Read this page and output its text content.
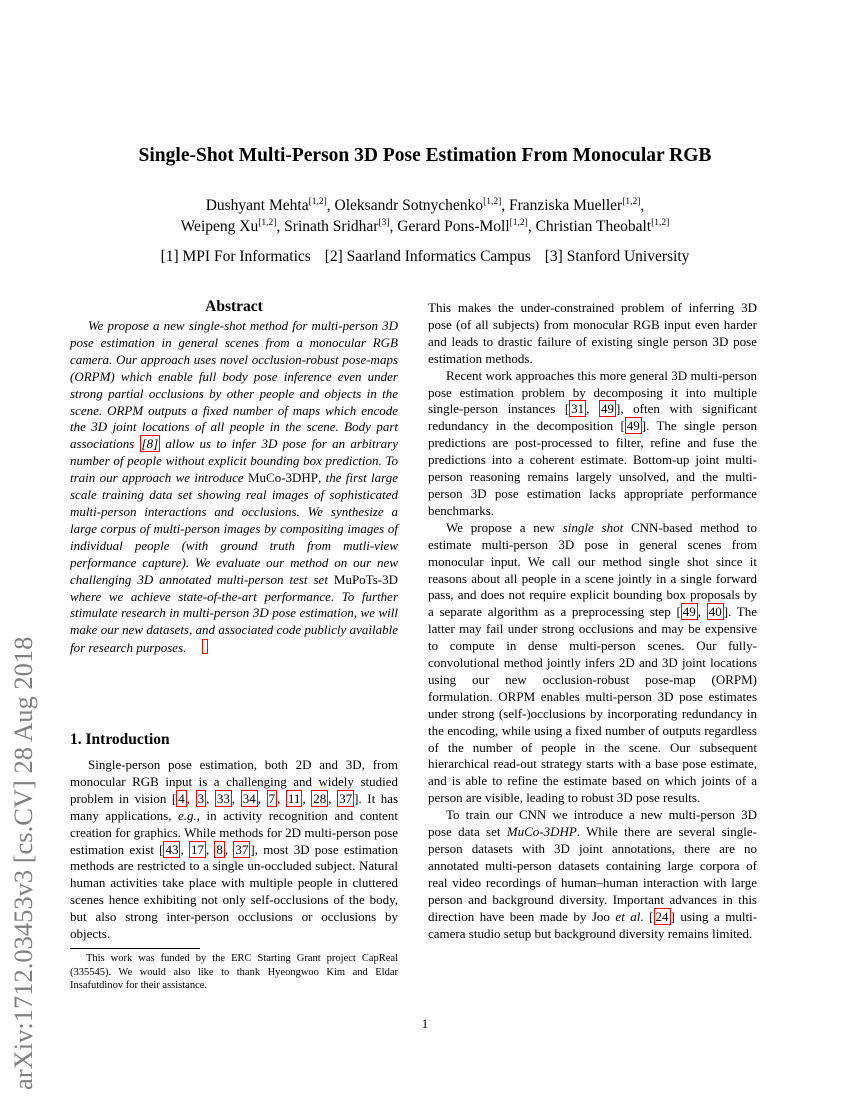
arXiv:1712.03453v3 [cs.CV] 28 Aug 2018
Single-Shot Multi-Person 3D Pose Estimation From Monocular RGB
Dushyant Mehta[1,2], Oleksandr Sotnychenko[1,2], Franziska Mueller[1,2],
Weipeng Xu[1,2], Srinath Sridhar[3], Gerard Pons-Moll[1,2], Christian Theobalt[1,2]
[1] MPI For Informatics [2] Saarland Informatics Campus [3] Stanford University
Abstract
We propose a new single-shot method for multi-person 3D pose estimation in general scenes from a monocular RGB camera. Our approach uses novel occlusion-robust pose-maps (ORPM) which enable full body pose inference even under strong partial occlusions by other people and objects in the scene. ORPM outputs a fixed number of maps which encode the 3D joint locations of all people in the scene. Body part associations [8] allow us to infer 3D pose for an arbitrary number of people without explicit bounding box prediction. To train our approach we introduce MuCo-3DHP, the first large scale training data set showing real images of sophisticated multi-person interactions and occlusions. We synthesize a large corpus of multi-person images by compositing images of individual people (with ground truth from mutli-view performance capture). We evaluate our method on our new challenging 3D annotated multi-person test set MuPoTs-3D where we achieve state-of-the-art performance. To further stimulate research in multi-person 3D pose estimation, we will make our new datasets, and associated code publicly available for research purposes.
1. Introduction

Single-person pose estimation, both 2D and 3D, from monocular RGB input is a challenging and widely studied problem in vision [ 4 , 3 , 33 , 34 , 7 , 11 , 28 , 37 ]. It has many applications, e.g., in activity recognition and content creation for graphics. While methods for 2D multi-person pose estimation exist [ 43 , 17 , 8 , 37 ], most 3D pose estimation methods are restricted to a single un-occluded subject. Natural human activities take place with multiple people in cluttered scenes hence exhibiting not only self-occlusions of the body, but also strong inter-person occlusions or occlusions by objects.

This work was funded by the ERC Starting Grant project CapReal (335545). We would also like to thank Hyeongwoo Kim and Eldar Insafutdinov for their assistance.

This makes the under-constrained problem of inferring 3D pose (of all subjects) from monocular RGB input even harder and leads to drastic failure of existing single person 3D pose estimation methods.

Recent work approaches this more general 3D multi-person pose estimation problem by decomposing it into multiple single-person instances [ 31 , 49 ], often with significant redundancy in the decomposition [ 49 ]. The single person predictions are post-processed to filter, refine and fuse the predictions into a coherent estimate. Bottom-up joint multi-person reasoning remains largely unsolved, and the multi-person 3D pose estimation lacks appropriate performance benchmarks.

We propose a new single shot CNN-based method to estimate multi-person 3D pose in general scenes from monocular input. We call our method single shot since it reasons about all people in a scene jointly in a single forward pass, and does not require explicit bounding box proposals by a separate algorithm as a preprocessing step [ 49 , 40 ]. The latter may fail under strong occlusions and may be expensive to compute in dense multi-person scenes. Our fully-convolutional method jointly infers 2D and 3D joint locations using our new occlusion-robust pose-map (ORPM) formulation. ORPM enables multi-person 3D pose estimates under strong (self-)occlusions by incorporating redundancy in the encoding, while using a fixed number of outputs regardless of the number of people in the scene. Our subsequent hierarchical read-out strategy starts with a base pose estimate, and is able to refine the estimate based on which joints of a person are visible, leading to robust 3D pose results.

To train our CNN we introduce a new multi-person 3D pose data set MuCo-3DHP. While there are several single-person datasets with 3D joint annotations, there are no annotated multi-person datasets containing large corpora of real video recordings of human–human interaction with large person and background diversity. Important advances in this direction have been made by Joo et al. [ 24 ] using a multi-camera studio setup but background diversity remains limited.

1
